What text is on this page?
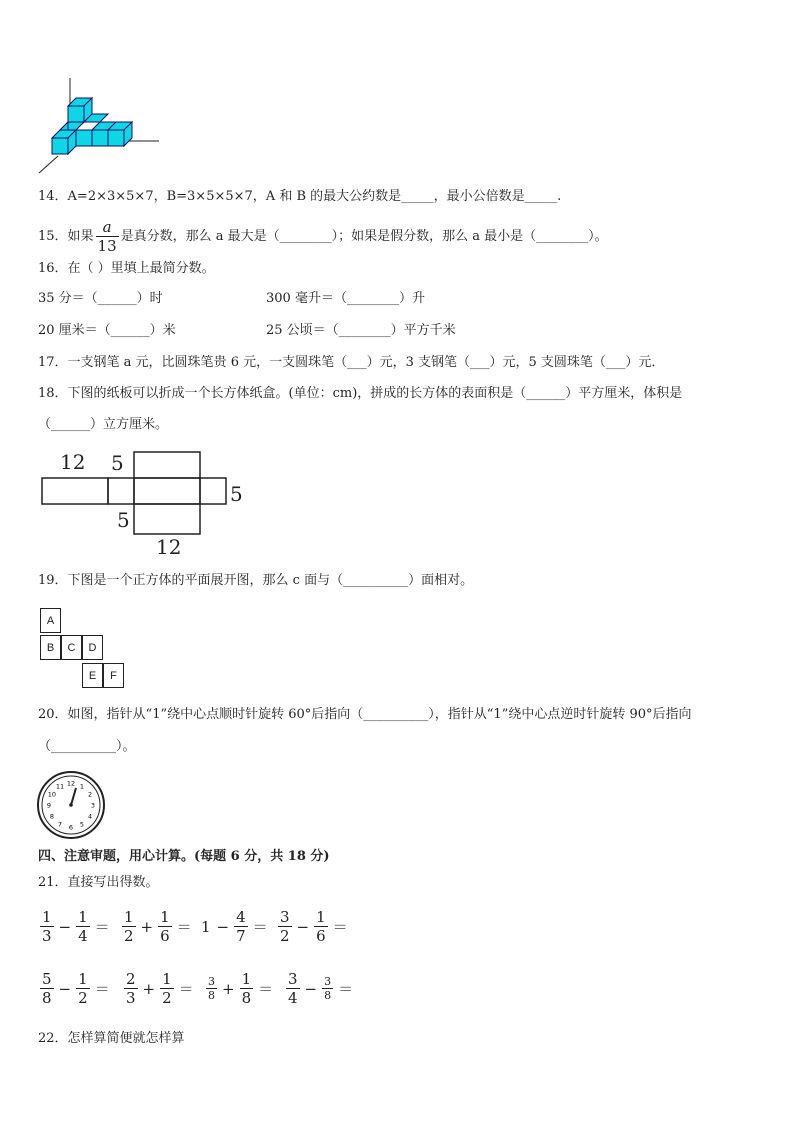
14．A=2×3×5×7，B=3×5×5×7，A 和 B 的最大公约数是_____，最小公倍数是_____.
15．如果 $\frac{a}{13}$ 是真分数，那么 a 最大是（________）；如果是假分数，那么 a 最小是（________）。
16．在（ ）里填上最简分数。
35 分＝（______）时	300 毫升＝（________）升
20 厘米＝（______）米	25 公顷＝（________）平方千米
17．一支钢笔 a 元，比圆珠笔贵 6 元，一支圆珠笔（___）元，3 支钢笔（___）元，5 支圆珠笔（___）元．
18．下图的纸板可以折成一个长方体纸盒。(单位：cm)，拼成的长方体的表面积是（______）平方厘米，体积是
（______）立方厘米。
12 5
5
5
12
19．下图是一个正方体的平面展开图，那么 c 面与（__________）面相对。
A
B	C	D
E	F
20．如图，指针从“1”绕中心点顺时针旋转 60°后指向（__________），指针从“1”绕中心点逆时针旋转 90°后指向
（__________）。
12 1
2
3
4
5
6
7
8
9
10
11
四、注意审题，用心计算。(每题 6 分，共 18 分)
21．直接写出得数。
$\frac{1}{3} - \frac{1}{4} = \frac{1}{2} + \frac{1}{6} = 1 - \frac{4}{7} = \frac{3}{2} - \frac{1}{6}$ ＝
$\frac{5}{8} - \frac{1}{2} = \frac{2}{3} + \frac{1}{2} = \frac{3}{8} + \frac{1}{8} = \frac{3}{4} - \frac{3}{8}$ ＝
22．怎样算简便就怎样算
